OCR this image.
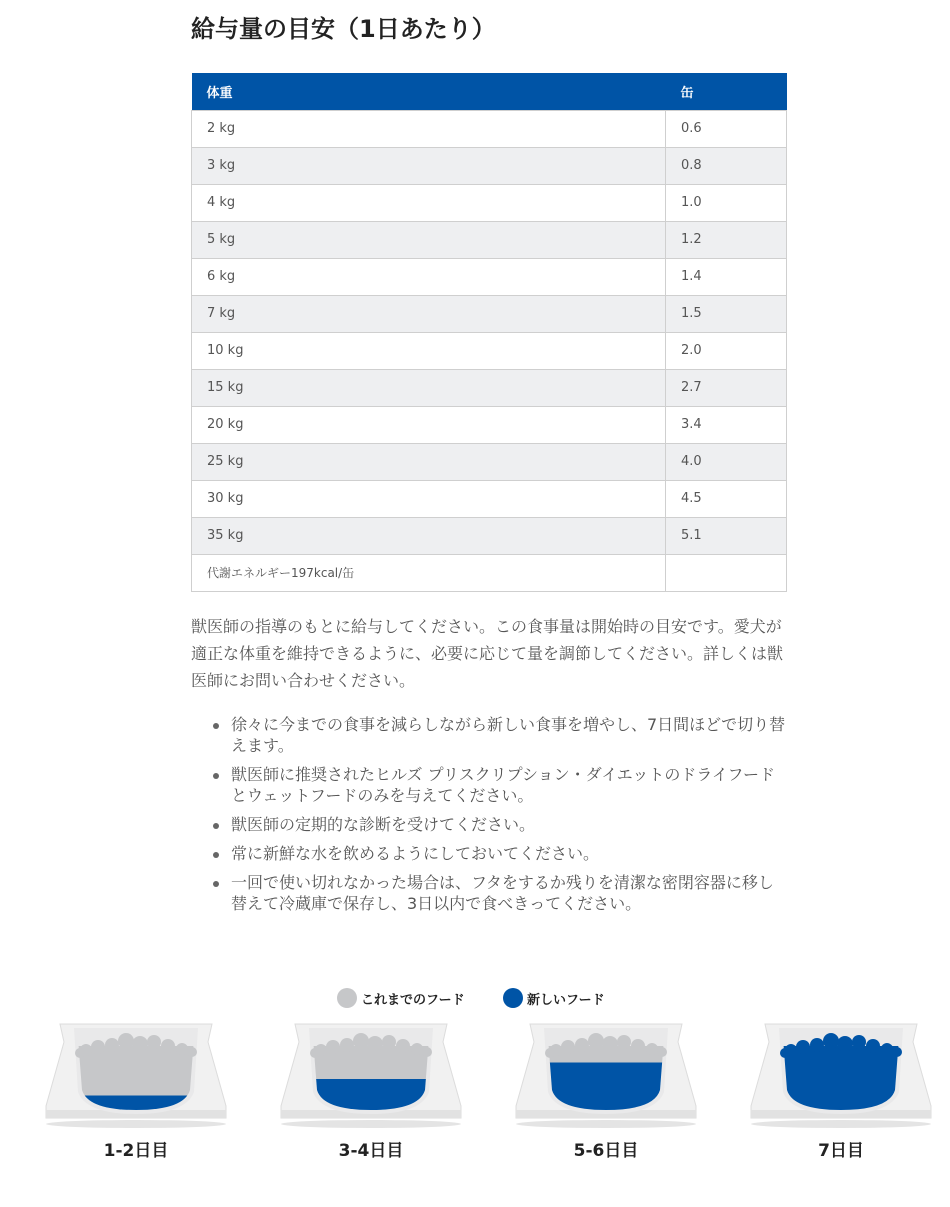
給与量の目安（1日あたり）
体重	缶
2 kg	0.6
3 kg	0.8
4 kg	1.0
5 kg	1.2
6 kg	1.4
7 kg	1.5
10 kg	2.0
15 kg	2.7
20 kg	3.4
25 kg	4.0
30 kg	4.5
35 kg	5.1
代謝エネルギー197kcal/缶	

獣医師の指導のもとに給与してください。この食事量は開始時の目安です。愛犬が適正な体重を維持できるように、必要に応じて量を調節してください。詳しくは獣医師にお問い合わせください。

徐々に今までの食事を減らしながら新しい食事を増やし、7日間ほどで切り替えます。
獣医師に推奨されたヒルズ プリスクリプション・ダイエットのドライフードとウェットフードのみを与えてください。
獣医師の定期的な診断を受けてください。
常に新鮮な水を飲めるようにしておいてください。
一回で使い切れなかった場合は、フタをするか残りを清潔な密閉容器に移し替えて冷蔵庫で保存し、3日以内で食べきってください。
これまでのフード	新しいフード
1-2日目	3-4日目	5-6日目	7日目
